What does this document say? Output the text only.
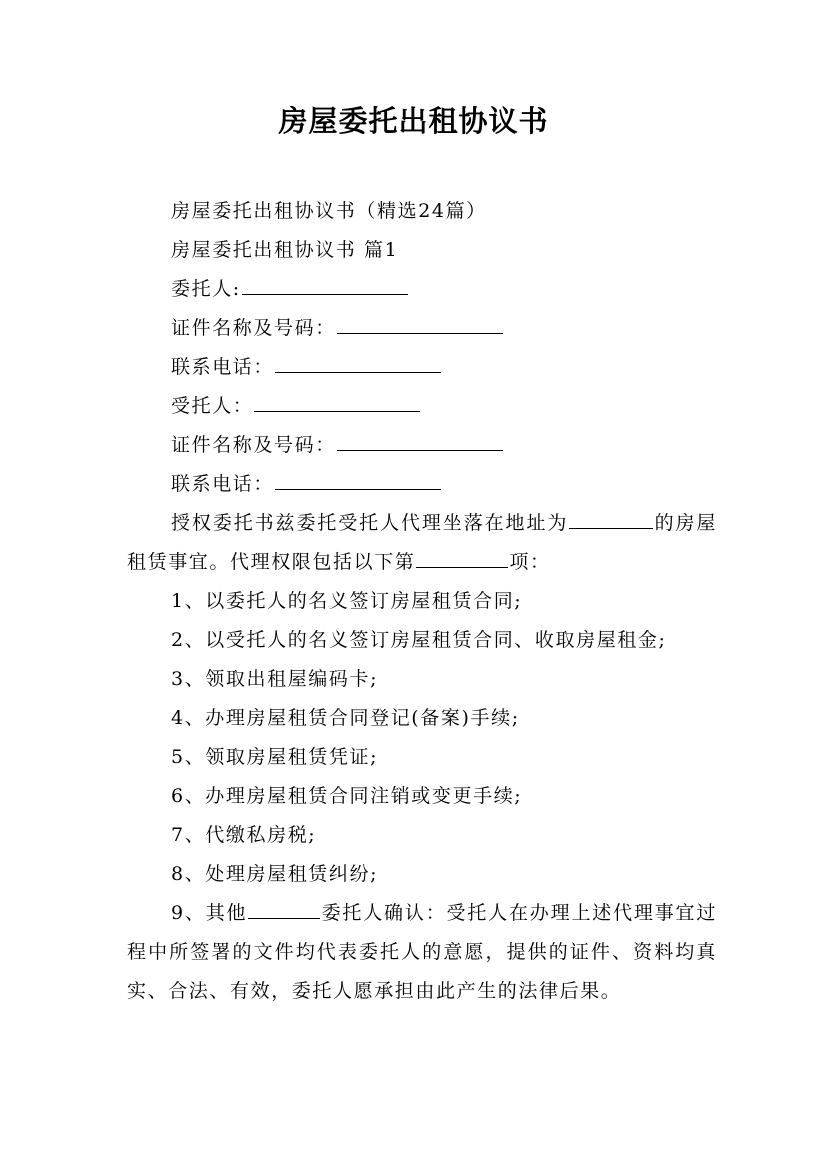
房屋委托出租协议书

房屋委托出租协议书（精选24篇）

房屋委托出租协议书 篇1

委托人:

证件名称及号码：

联系电话：

受托人：

证件名称及号码：

联系电话：

授权委托书兹委托受托人代理坐落在地址为	的房屋租赁事宜。代理权限包括以下第	项：

1、以委托人的名义签订房屋租赁合同;

2、以受托人的名义签订房屋租赁合同、收取房屋租金;

3、领取出租屋编码卡;

4、办理房屋租赁合同登记(备案)手续;

5、领取房屋租赁凭证;

6、办理房屋租赁合同注销或变更手续;

7、代缴私房税;

8、处理房屋租赁纠纷;

9、其他	委托人确认：受托人在办理上述代理事宜过程中所签署的文件均代表委托人的意愿，提供的证件、资料均真实、合法、有效，委托人愿承担由此产生的法律后果。
